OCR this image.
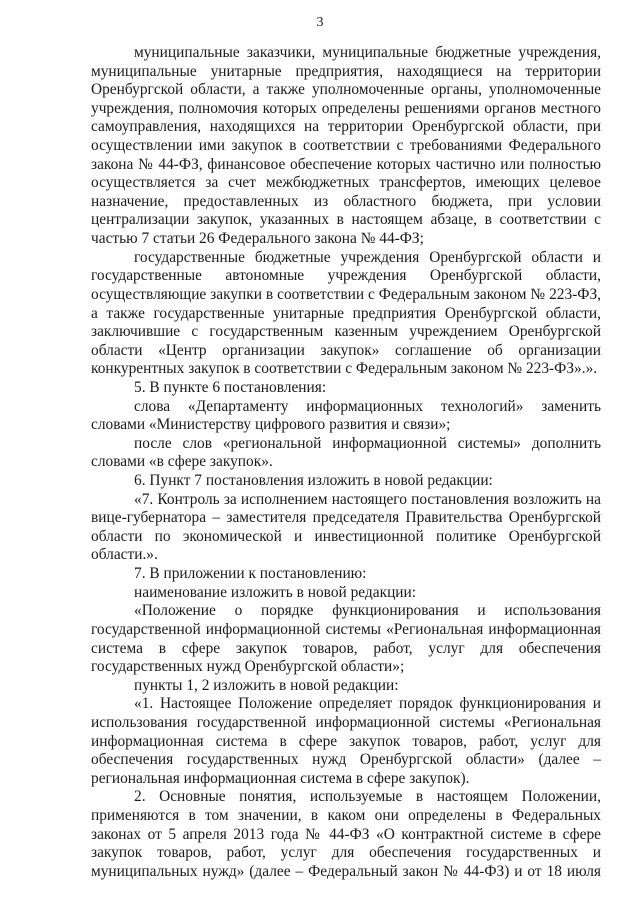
3

муниципальные заказчики, муниципальные бюджетные учреждения, муниципальные унитарные предприятия, находящиеся на территории Оренбургской области, а также уполномоченные органы, уполномоченные учреждения, полномочия которых определены решениями органов местного самоуправления, находящихся на территории Оренбургской области, при осуществлении ими закупок в соответствии с требованиями Федерального закона № 44-ФЗ, финансовое обеспечение которых частично или полностью осуществляется за счет межбюджетных трансфертов, имеющих целевое назначение, предоставленных из областного бюджета, при условии централизации закупок, указанных в настоящем абзаце, в соответствии с частью 7 статьи 26 Федерального закона № 44-ФЗ;

государственные бюджетные учреждения Оренбургской области и государственные автономные учреждения Оренбургской области, осуществляющие закупки в соответствии с Федеральным законом № 223-ФЗ, а также государственные унитарные предприятия Оренбургской области, заключившие с государственным казенным учреждением Оренбургской области «Центр организации закупок» соглашение об организации конкурентных закупок в соответствии с Федеральным законом № 223-ФЗ».».

5. В пункте 6 постановления:

слова «Департаменту информационных технологий» заменить словами «Министерству цифрового развития и связи»;

после слов «региональной информационной системы» дополнить словами «в сфере закупок».

6. Пункт 7 постановления изложить в новой редакции:

«7. Контроль за исполнением настоящего постановления возложить на вице-губернатора – заместителя председателя Правительства Оренбургской области по экономической и инвестиционной политике Оренбургской области.».

7. В приложении к постановлению:

наименование изложить в новой редакции:

«Положение о порядке функционирования и использования государственной информационной системы «Региональная информационная система в сфере закупок товаров, работ, услуг для обеспечения государственных нужд Оренбургской области»;

пункты 1, 2 изложить в новой редакции:

«1. Настоящее Положение определяет порядок функционирования и использования государственной информационной системы «Региональная информационная система в сфере закупок товаров, работ, услуг для обеспечения государственных нужд Оренбургской области» (далее – региональная информационная система в сфере закупок).

2. Основные понятия, используемые в настоящем Положении, применяются в том значении, в каком они определены в Федеральных законах от 5 апреля 2013 года № 44-ФЗ «О контрактной системе в сфере закупок товаров, работ, услуг для обеспечения государственных и муниципальных нужд» (далее – Федеральный закон № 44-ФЗ) и от 18 июля
